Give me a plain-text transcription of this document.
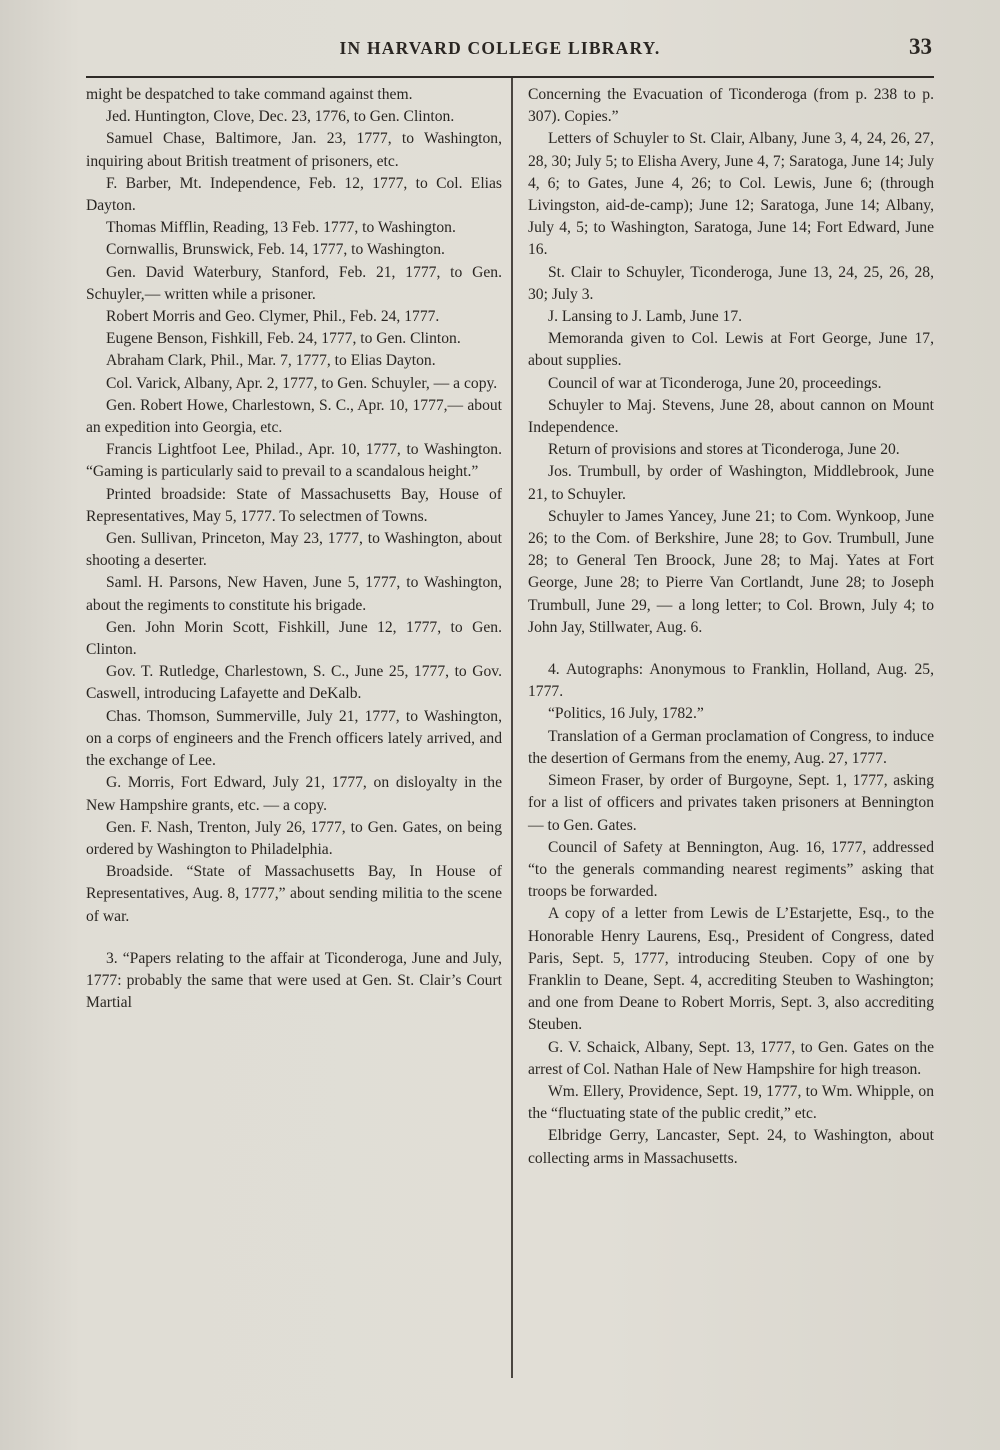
IN HARVARD COLLEGE LIBRARY.	33

might be despatched to take command against them.

Jed. Huntington, Clove, Dec. 23, 1776, to Gen. Clinton.

Samuel Chase, Baltimore, Jan. 23, 1777, to Washington, inquiring about British treatment of prisoners, etc.

F. Barber, Mt. Independence, Feb. 12, 1777, to Col. Elias Dayton.

Thomas Mifflin, Reading, 13 Feb. 1777, to Washington.

Cornwallis, Brunswick, Feb. 14, 1777, to Washington.

Gen. David Waterbury, Stanford, Feb. 21, 1777, to Gen. Schuyler,— written while a prisoner.

Robert Morris and Geo. Clymer, Phil., Feb. 24, 1777.

Eugene Benson, Fishkill, Feb. 24, 1777, to Gen. Clinton.

Abraham Clark, Phil., Mar. 7, 1777, to Elias Dayton.

Col. Varick, Albany, Apr. 2, 1777, to Gen. Schuyler, — a copy.

Gen. Robert Howe, Charlestown, S. C., Apr. 10, 1777,— about an expedition into Georgia, etc.

Francis Lightfoot Lee, Philad., Apr. 10, 1777, to Washington. “Gaming is particularly said to prevail to a scandalous height.”

Printed broadside: State of Massachusetts Bay, House of Representatives, May 5, 1777. To selectmen of Towns.

Gen. Sullivan, Princeton, May 23, 1777, to Washington, about shooting a deserter.

Saml. H. Parsons, New Haven, June 5, 1777, to Washington, about the regiments to constitute his brigade.

Gen. John Morin Scott, Fishkill, June 12, 1777, to Gen. Clinton.

Gov. T. Rutledge, Charlestown, S. C., June 25, 1777, to Gov. Caswell, introducing Lafayette and DeKalb.

Chas. Thomson, Summerville, July 21, 1777, to Washington, on a corps of engineers and the French officers lately arrived, and the exchange of Lee.

G. Morris, Fort Edward, July 21, 1777, on disloyalty in the New Hampshire grants, etc. — a copy.

Gen. F. Nash, Trenton, July 26, 1777, to Gen. Gates, on being ordered by Washington to Philadelphia.

Broadside. “State of Massachusetts Bay, In House of Representatives, Aug. 8, 1777,” about sending militia to the scene of war.

3. “Papers relating to the affair at Ticonderoga, June and July, 1777: probably the same that were used at Gen. St. Clair’s Court Martial

Concerning the Evacuation of Ticonderoga (from p. 238 to p. 307). Copies.”

Letters of Schuyler to St. Clair, Albany, June 3, 4, 24, 26, 27, 28, 30; July 5; to Elisha Avery, June 4, 7; Saratoga, June 14; July 4, 6; to Gates, June 4, 26; to Col. Lewis, June 6; (through Livingston, aid-de-camp); June 12; Saratoga, June 14; Albany, July 4, 5; to Washington, Saratoga, June 14; Fort Edward, June 16.

St. Clair to Schuyler, Ticonderoga, June 13, 24, 25, 26, 28, 30; July 3.

J. Lansing to J. Lamb, June 17.

Memoranda given to Col. Lewis at Fort George, June 17, about supplies.

Council of war at Ticonderoga, June 20, proceedings.

Schuyler to Maj. Stevens, June 28, about cannon on Mount Independence.

Return of provisions and stores at Ticonderoga, June 20.

Jos. Trumbull, by order of Washington, Middlebrook, June 21, to Schuyler.

Schuyler to James Yancey, June 21; to Com. Wynkoop, June 26; to the Com. of Berkshire, June 28; to Gov. Trumbull, June 28; to General Ten Broock, June 28; to Maj. Yates at Fort George, June 28; to Pierre Van Cortlandt, June 28; to Joseph Trumbull, June 29, — a long letter; to Col. Brown, July 4; to John Jay, Stillwater, Aug. 6.

4. Autographs: Anonymous to Franklin, Holland, Aug. 25, 1777.

“Politics, 16 July, 1782.”

Translation of a German proclamation of Congress, to induce the desertion of Germans from the enemy, Aug. 27, 1777.

Simeon Fraser, by order of Burgoyne, Sept. 1, 1777, asking for a list of officers and privates taken prisoners at Bennington — to Gen. Gates.

Council of Safety at Bennington, Aug. 16, 1777, addressed “to the generals commanding nearest regiments” asking that troops be forwarded.

A copy of a letter from Lewis de L’Estarjette, Esq., to the Honorable Henry Laurens, Esq., President of Congress, dated Paris, Sept. 5, 1777, introducing Steuben. Copy of one by Franklin to Deane, Sept. 4, accrediting Steuben to Washington; and one from Deane to Robert Morris, Sept. 3, also accrediting Steuben.

G. V. Schaick, Albany, Sept. 13, 1777, to Gen. Gates on the arrest of Col. Nathan Hale of New Hampshire for high treason.

Wm. Ellery, Providence, Sept. 19, 1777, to Wm. Whipple, on the “fluctuating state of the public credit,” etc.

Elbridge Gerry, Lancaster, Sept. 24, to Washington, about collecting arms in Massachusetts.
